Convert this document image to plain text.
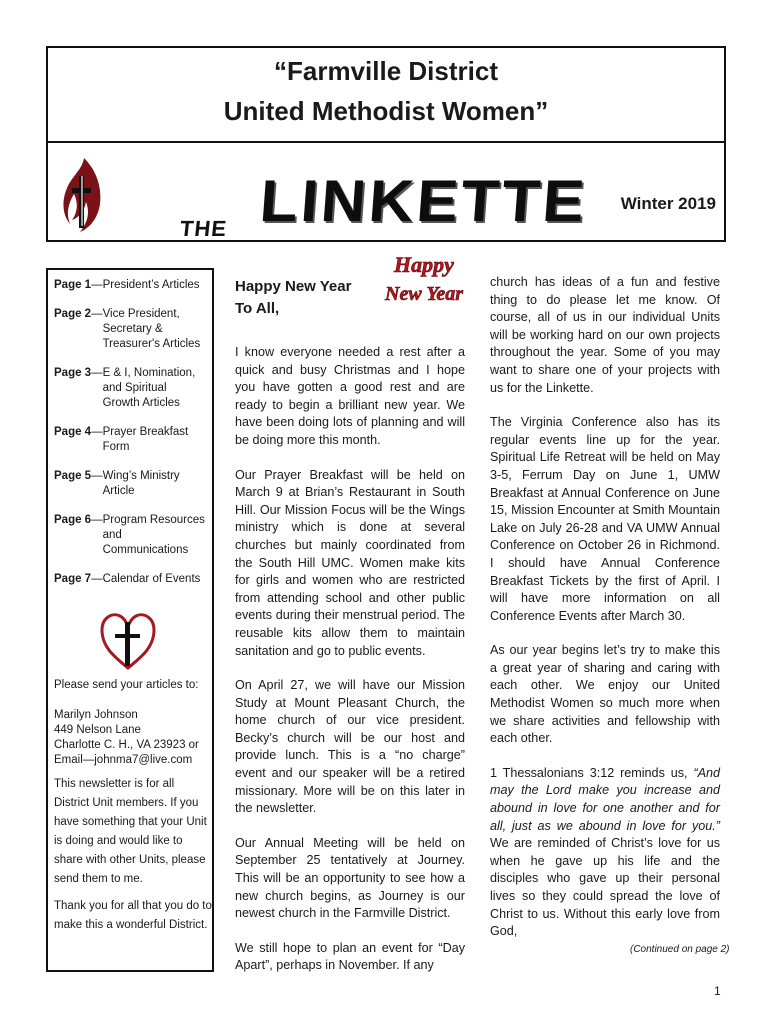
“Farmville District
United Methodist Women”
THE LINKETTE Winter 2019
Page 1 — President’s Articles
Page 2 — Vice President, Secretary & Treasurer's Articles
Page 3 — E & I, Nomination, and Spiritual Growth Articles
Page 4 — Prayer Breakfast Form
Page 5 — Wing’s Ministry Article
Page 6 — Program Resources and Communications
Page 7 — Calendar of Events
Please send your articles to:
Marilyn Johnson
449 Nelson Lane
Charlotte C. H., VA 23923 or
Email—johnma7@live.com
This newsletter is for all District Unit members. If you have something that your Unit is doing and would like to share with other Units, please send them to me.
Thank you for all that you do to make this a wonderful District.
Happy
New Year
Happy New Year To All,

I know everyone needed a rest after a quick and busy Christmas and I hope you have gotten a good rest and are ready to begin a brilliant new year. We have been doing lots of planning and will be doing more this month.

Our Prayer Breakfast will be held on March 9 at Brian’s Restaurant in South Hill. Our Mission Focus will be the Wings ministry which is done at several churches but mainly coordinated from the South Hill UMC. Women make kits for girls and women who are restricted from attending school and other public events during their menstrual period. The reusable kits allow them to maintain sanitation and go to public events.

On April 27, we will have our Mission Study at Mount Pleasant Church, the home church of our vice president. Becky’s church will be our host and provide lunch. This is a “no charge” event and our speaker will be a retired missionary. More will be on this later in the newsletter.

Our Annual Meeting will be held on September 25 tentatively at Journey. This will be an opportunity to see how a new church begins, as Journey is our newest church in the Farmville District.

We still hope to plan an event for “Day Apart”, perhaps in November. If any

church has ideas of a fun and festive thing to do please let me know. Of course, all of us in our individual Units will be working hard on our own projects throughout the year. Some of you may want to share one of your projects with us for the Linkette.

The Virginia Conference also has its regular events line up for the year. Spiritual Life Retreat will be held on May 3-5, Ferrum Day on June 1, UMW Breakfast at Annual Conference on June 15, Mission Encounter at Smith Mountain Lake on July 26-28 and VA UMW Annual Conference on October 26 in Richmond. I should have Annual Conference Breakfast Tickets by the first of April. I will have more information on all Conference Events after March 30.

As our year begins let’s try to make this a great year of sharing and caring with each other. We enjoy our United Methodist Women so much more when we share activities and fellowship with each other.

1 Thessalonians 3:12 reminds us, “And may the Lord make you increase and abound in love for one another and for all, just as we abound in love for you.” We are reminded of Christ’s love for us when he gave up his life and the disciples who gave up their personal lives so they could spread the love of Christ to us. Without this early love from God,

(Continued on page 2)
1
